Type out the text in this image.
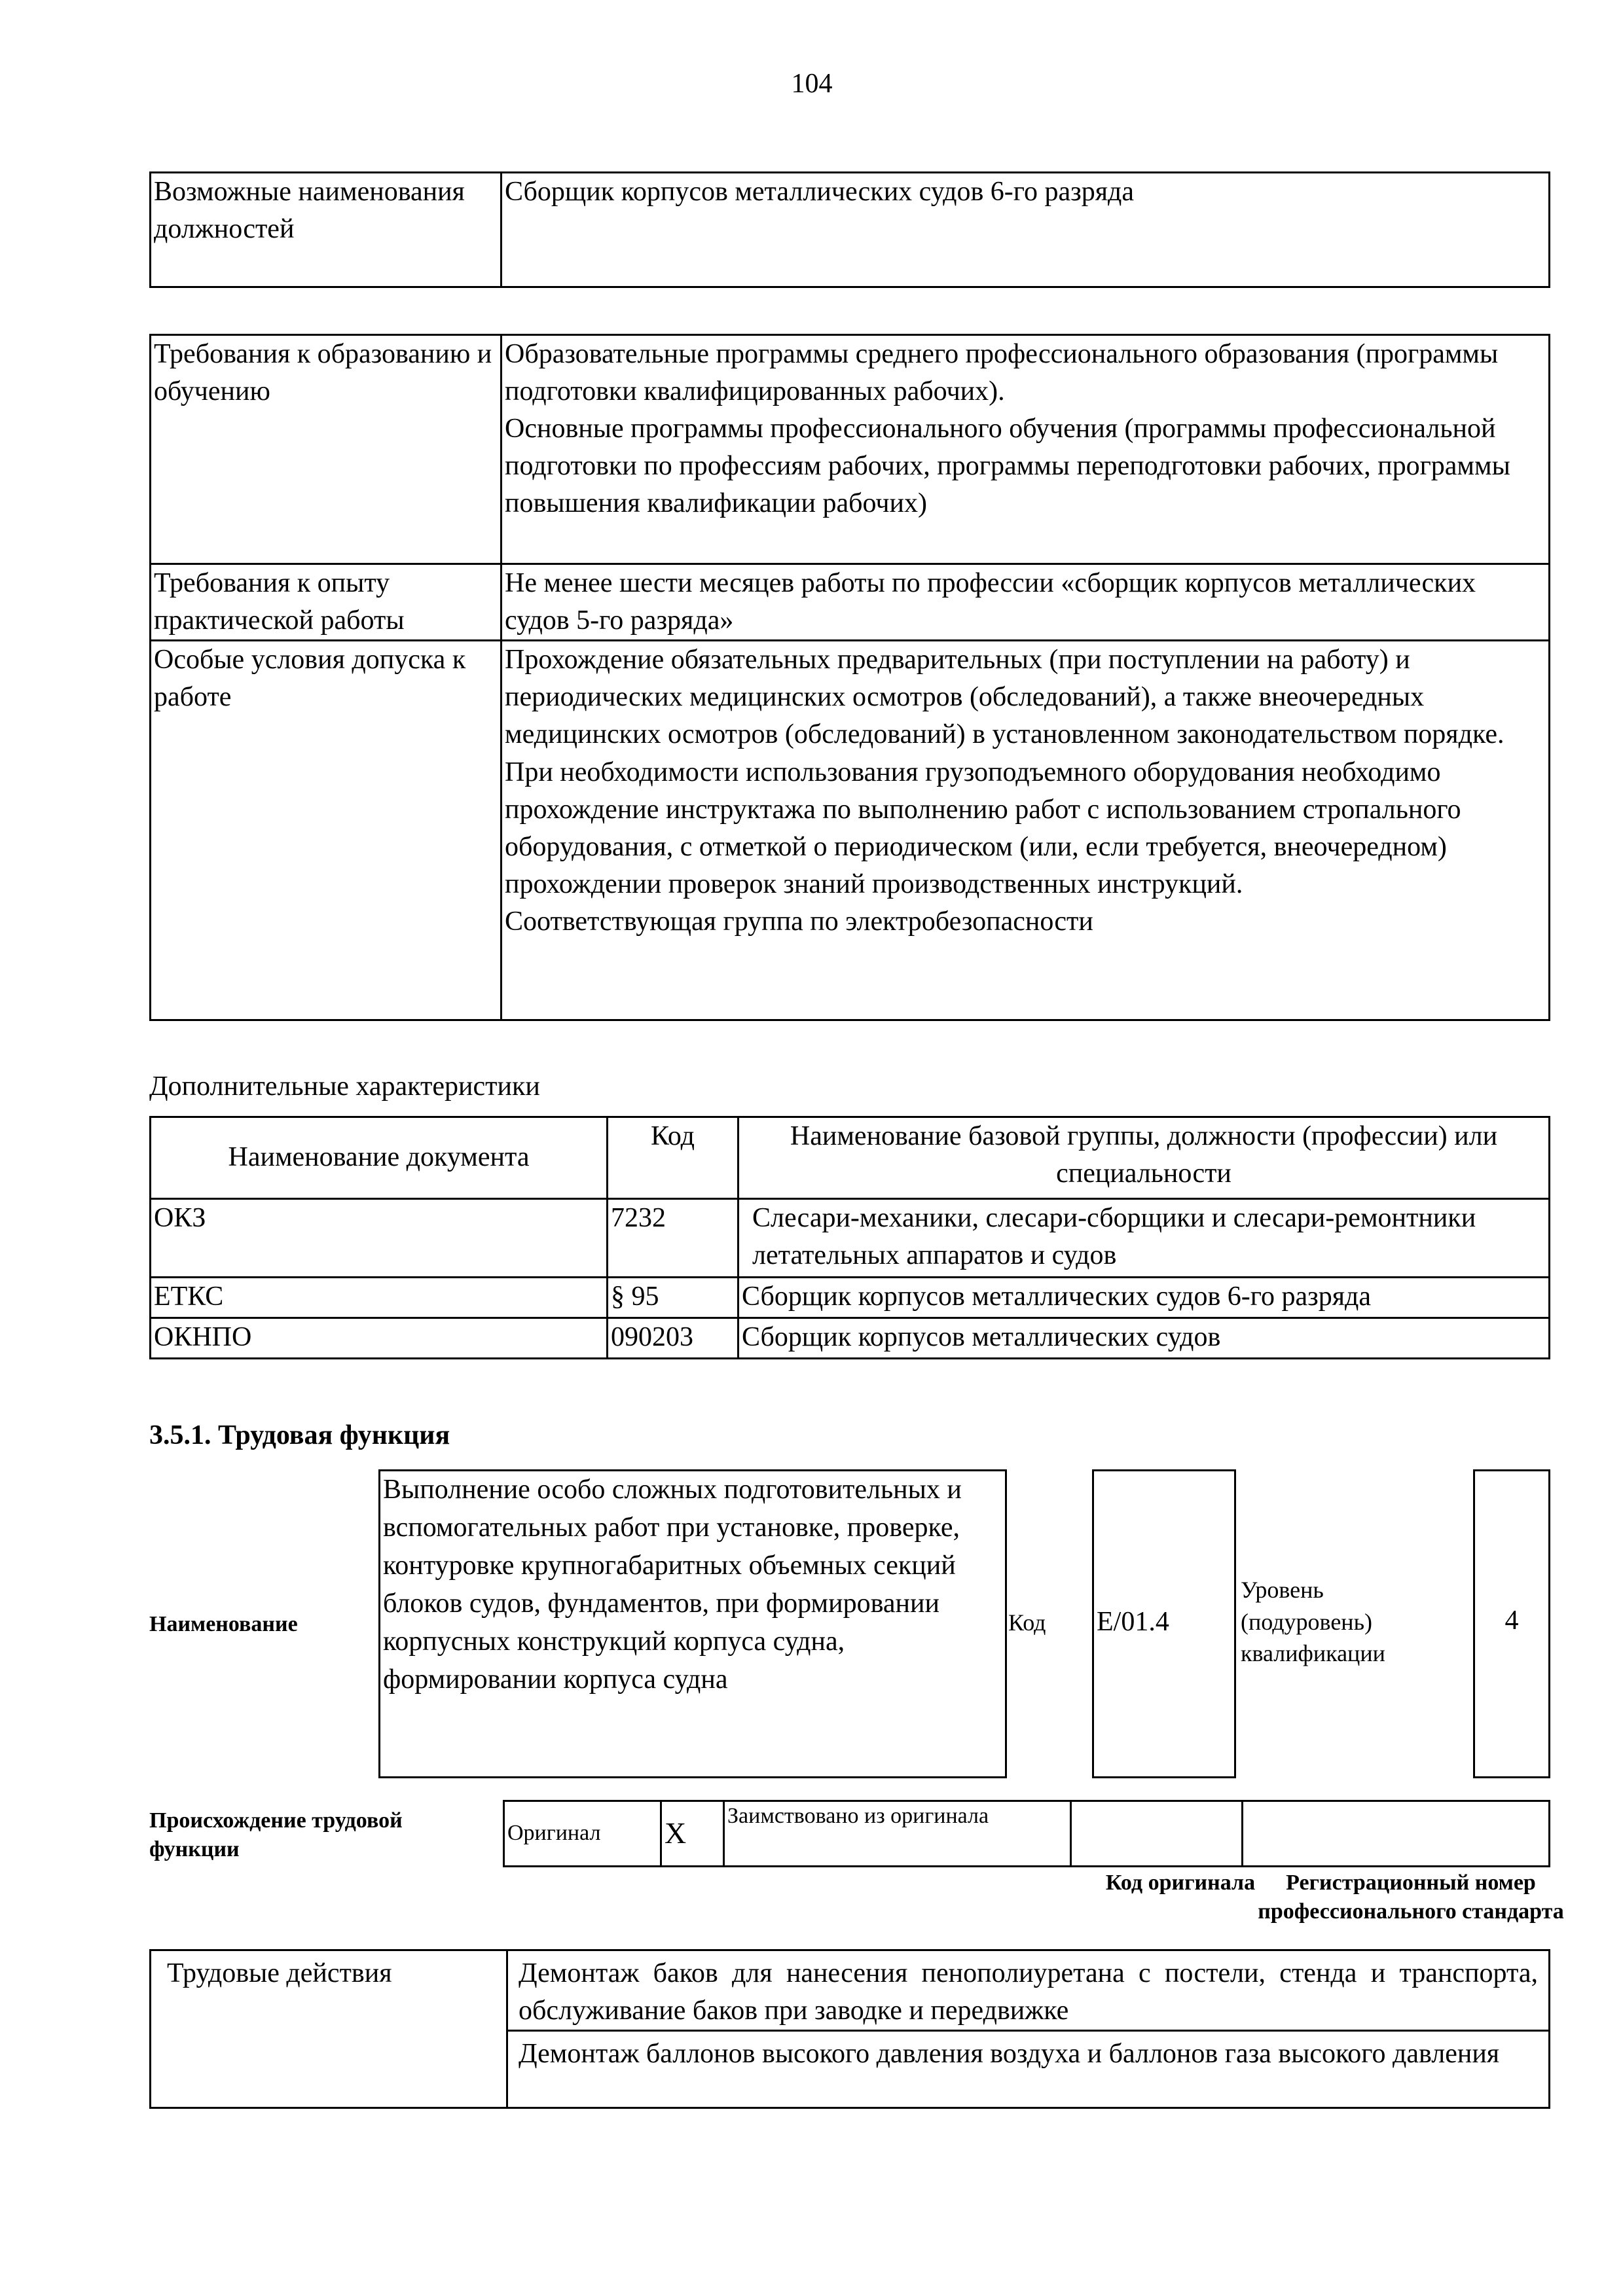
104
Возможные наименования должностей	Сборщик корпусов металлических судов 6-го разряда
Требования к образованию и обучению	Образовательные программы среднего профессионального образования (программы подготовки квалифицированных рабочих).
Основные программы профессионального обучения (программы профессиональной подготовки по профессиям рабочих, программы переподготовки рабочих, программы повышения квалификации рабочих)

Требования к опыту практической работы	Не менее шести месяцев работы по профессии «сборщик корпусов металлических судов 5-го разряда»

Особые условия допуска к работе	Прохождение обязательных предварительных (при поступлении на работу) и периодических медицинских осмотров (обследований), а также внеочередных медицинских осмотров (обследований) в установленном законодательством порядке.
При необходимости использования грузоподъемного оборудования необходимо прохождение инструктажа по выполнению работ с использованием стропального оборудования, с отметкой о периодическом (или, если требуется, внеочередном) прохождении проверок знаний производственных инструкций.
Соответствующая группа по электробезопасности
Дополнительные характеристики
Наименование документа	Код	Наименование базовой группы, должности (профессии) или специальности
ОКЗ	7232	Слесари-механики, слесари-сборщики и слесари-ремонтники летательных аппаратов и судов
ЕТКС	§ 95	Сборщик корпусов металлических судов 6-го разряда
ОКНПО	090203	Сборщик корпусов металлических судов
3.5.1. Трудовая функция
Наименование
Выполнение особо сложных подготовительных и вспомогательных работ при установке, проверке, контуровке крупногабаритных объемных секций блоков судов, фундаментов, при формировании корпусных конструкций корпуса судна, формировании корпуса судна
Код E/01.4
Уровень (подуровень) квалификации
4
Происхождение трудовой функции
Оригинал	X	Заимствовано из оригинала		
Код оригинала	Регистрационный номер профессионального стандарта
Трудовые действия	Демонтаж баков для нанесения пенополиуретана с постели, стенда и транспорта, обслуживание баков при заводке и передвижке
Демонтаж баллонов высокого давления воздуха и баллонов газа высокого давления
